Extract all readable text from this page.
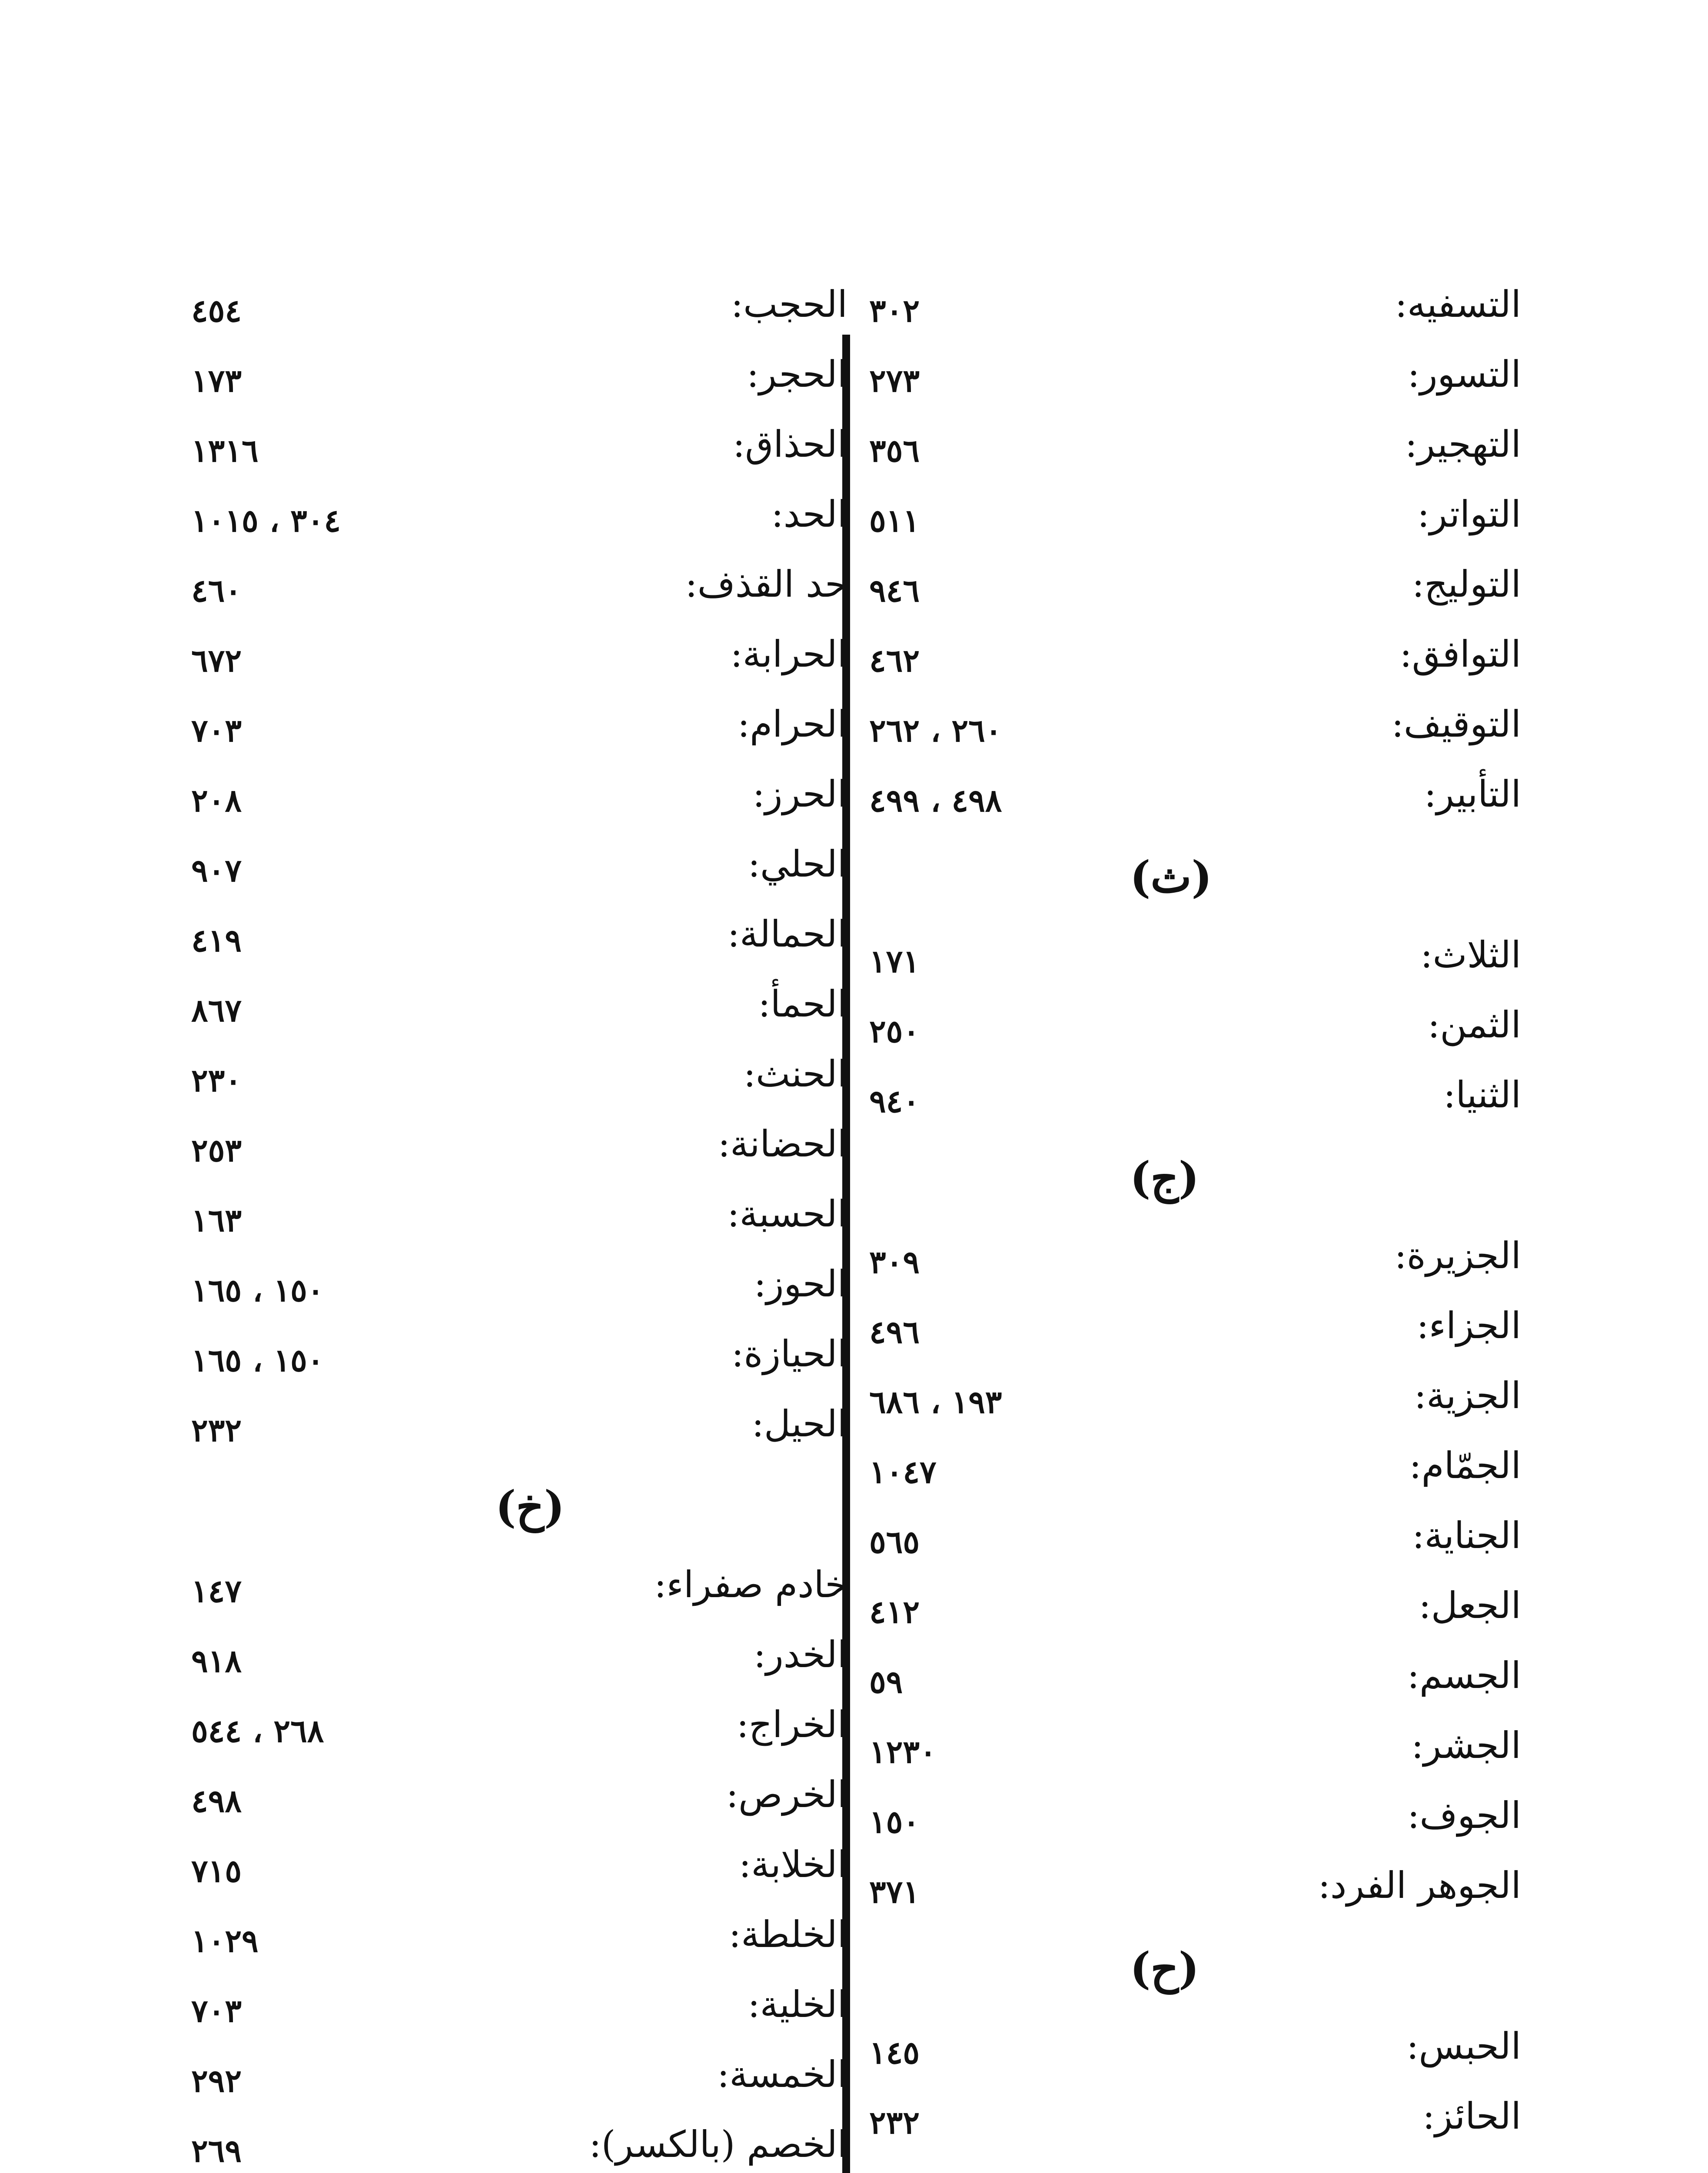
التسفيه:
٣٠٢
التسور:
٢٧٣
التهجير:
٣٥٦
التواتر:
٥١١
التوليج:
٩٤٦
التوافق:
٤٦٢
التوقيف:
٢٦٠ ، ٢٦٢
التأبير:
٤٩٨ ، ٤٩٩
(ث)
الثلاث:
١٧١
الثمن:
٢٥٠
الثنيا:
٩٤٠
(ج)
الجزيرة:
٣٠٩
الجزاء:
٤٩٦
الجزية:
١٩٣ ، ٦٨٦
الجمّام:
١٠٤٧
الجناية:
٥٦٥
الجعل:
٤١٢
الجسم:
٥٩
الجشر:
١٢٣٠
الجوف:
١٥٠
الجوهر الفرد:
٣٧١
(ح)
الحبس:
١٤٥
الحائز:
٢٣٢
الحجب:
٤٥٤
الحجر:
١٧٣
الحذاق:
١٣١٦
الحد:
٣٠٤ ، ١٠١٥
حد القذف:
٤٦٠
الحرابة:
٦٧٢
الحرام:
٧٠٣
الحرز:
٢٠٨
الحلي:
٩٠٧
الحمالة:
٤١٩
الحمأ:
٨٦٧
الحنث:
٢٣٠
الحضانة:
٢٥٣
الحسبة:
١٦٣
الحوز:
١٥٠ ، ١٦٥
الحيازة:
١٥٠ ، ١٦٥
الحيل:
٢٣٢
(خ)
خادم صفراء:
١٤٧
الخدر:
٩١٨
الخراج:
٢٦٨ ، ٥٤٤
الخرص:
٤٩٨
الخلابة:
٧١٥
الخلطة:
١٠٢٩
الخلية:
٧٠٣
الخمسة:
٢٩٢
الخصم (بالكسر):
٢٦٩
